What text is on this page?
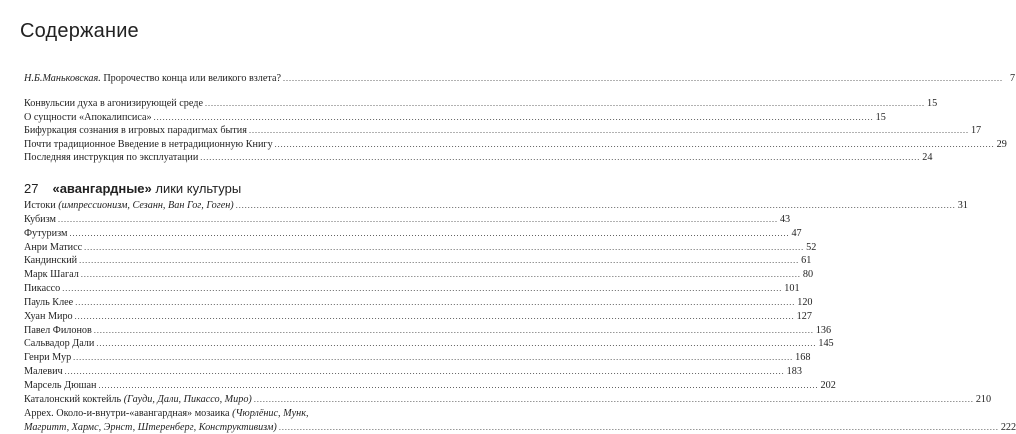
Содержание
Н.Б.Маньковская. Пророчество конца или великого взлета? .....	7
Конвульсии духа в агонизирующей среде .....	15
О сущности «Апокалипсиса» .....	15
Бифуркация сознания в игровых парадигмах бытия .....	17
Почти традиционное Введение в нетрадиционную Книгу .....	29
Последняя инструкция по эксплуатации .....	24
27 «авангардные» лики культуры
Истоки (импрессионизм, Сезанн, Ван Гог, Гоген) .....	31
Кубизм .....	43
Футуризм .....	47
Анри Матисс .....	52
Кандинский .....	61
Марк Шагал .....	80
Пикассо .....	101
Пауль Клее .....	120
Хуан Миро .....	127
Павел Филонов .....	136
Сальвадор Дали .....	145
Генри Мур .....	168
Малевич .....	183
Марсель Дюшан .....	202
Каталонский коктейль (Гауди, Дали, Пикассо, Миро) .....	210
Appex. Около-и-внутри-«авангардная» мозаика (Чюрлёнис, Мунк,
Магритт, Хармс, Эрнст, Штеренберг, Конструктивизм) .....	222
